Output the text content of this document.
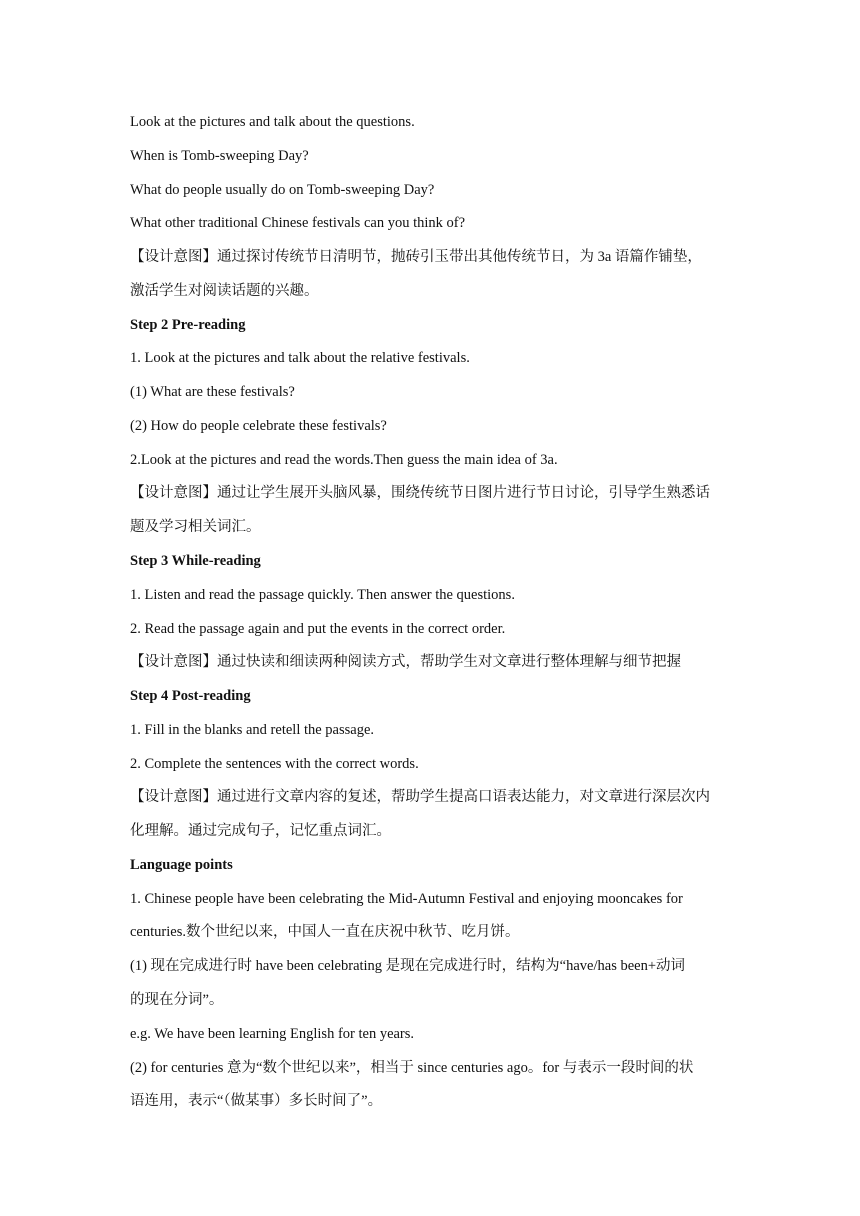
Look at the pictures and talk about the questions.
When is Tomb-sweeping Day?
What do people usually do on Tomb-sweeping Day?
What other traditional Chinese festivals can you think of?
【设计意图】通过探讨传统节日清明节，抛砖引玉带出其他传统节日，为 3a 语篇作铺垫，
激活学生对阅读话题的兴趣。
Step 2 Pre-reading
1. Look at the pictures and talk about the relative festivals.
(1) What are these festivals?
(2) How do people celebrate these festivals?
2.Look at the pictures and read the words.Then guess the main idea of 3a.
【设计意图】通过让学生展开头脑风暴，围绕传统节日图片进行节日讨论，引导学生熟悉话
题及学习相关词汇。
Step 3 While-reading
1. Listen and read the passage quickly. Then answer the questions.
2. Read the passage again and put the events in the correct order.
【设计意图】通过快读和细读两种阅读方式，帮助学生对文章进行整体理解与细节把握
Step 4 Post-reading
1. Fill in the blanks and retell the passage.
2. Complete the sentences with the correct words.
【设计意图】通过进行文章内容的复述，帮助学生提高口语表达能力，对文章进行深层次内
化理解。通过完成句子，记忆重点词汇。
Language points
1. Chinese people have been celebrating the Mid-Autumn Festival and enjoying mooncakes for
centuries.数个世纪以来，中国人一直在庆祝中秋节、吃月饼。
(1) 现在完成进行时 have been celebrating 是现在完成进行时，结构为“have/has been+动词
的现在分词”。
e.g. We have been learning English for ten years.
(2) for centuries 意为“数个世纪以来”，相当于 since centuries ago。for 与表示一段时间的状
语连用，表示“（做某事）多长时间了”。
